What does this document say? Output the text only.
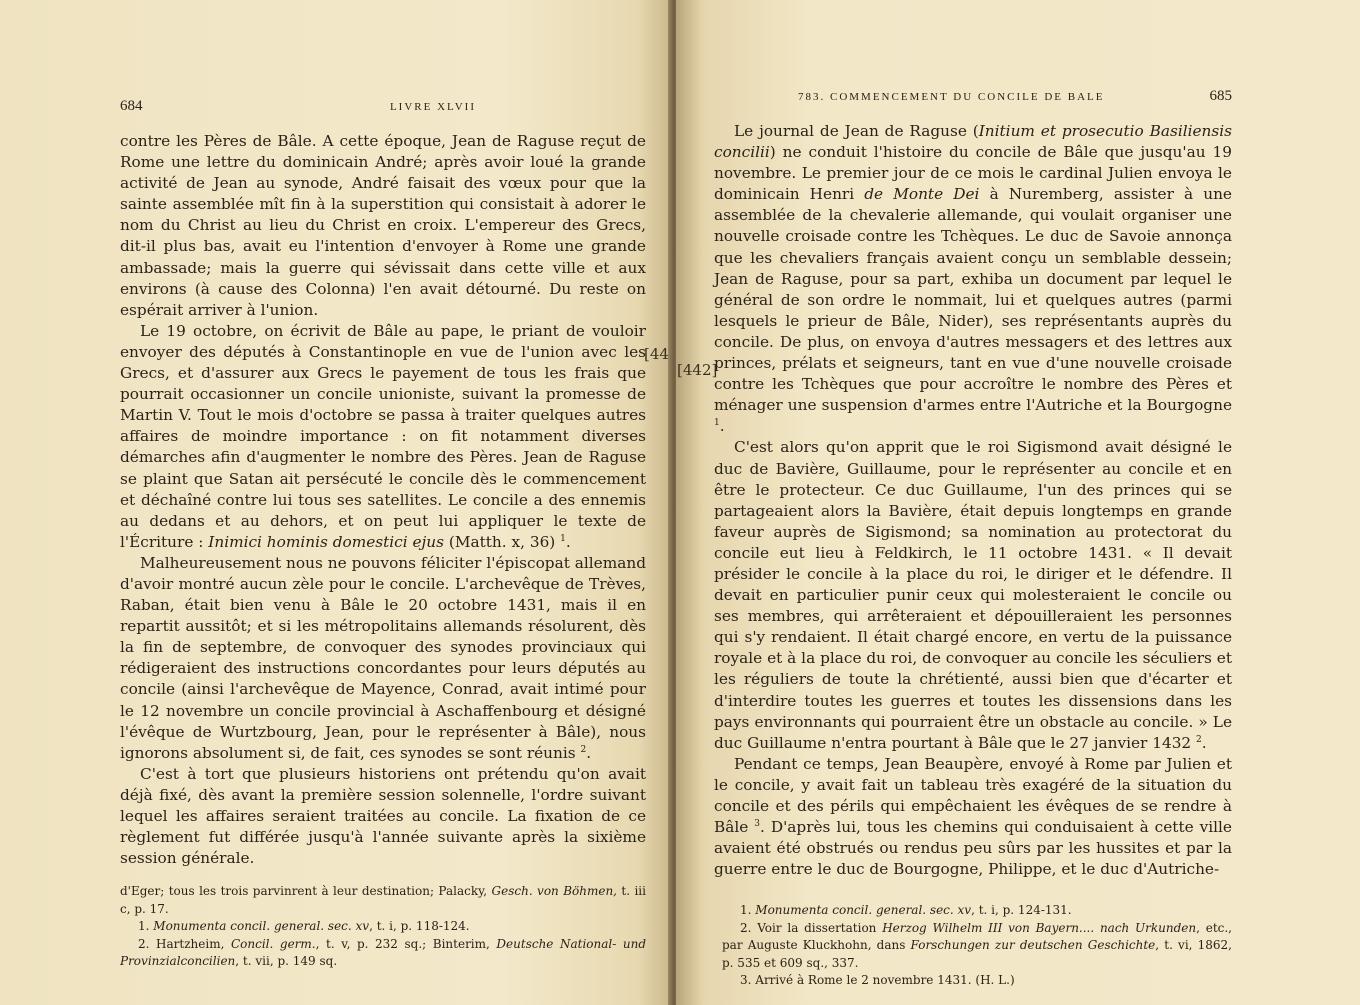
684	LIVRE XLVII

contre les Pères de Bâle. A cette époque, Jean de Raguse reçut de Rome une lettre du dominicain André; après avoir loué la grande activité de Jean au synode, André faisait des vœux pour que la sainte assemblée mît fin à la superstition qui consistait à adorer le nom du Christ au lieu du Christ en croix. L'empereur des Grecs, dit-il plus bas, avait eu l'intention d'envoyer à Rome une grande ambassade; mais la guerre qui sévissait dans cette ville et aux environs (à cause des Colonna) l'en avait détourné. Du reste on espérait arriver à l'union.

Le 19 octobre, on écrivit de Bâle au pape, le priant de vouloir envoyer des députés à Constantinople en vue de l'union avec les Grecs, et d'assurer aux Grecs le payement de tous les frais que pourrait occasionner un concile unioniste, suivant la promesse de Martin V. Tout le mois d'octobre se passa à traiter quelques autres affaires de moindre importance : on fit notamment diverses démarches afin d'augmenter le nombre des Pères. Jean de Raguse se plaint que Satan ait persécuté le concile dès le commencement et déchaîné contre lui tous ses satellites. Le concile a des ennemis au dedans et au dehors, et on peut lui appliquer le texte de l'Écriture : Inimici hominis domestici ejus (Matth. x, 36) $^1$.

Malheureusement nous ne pouvons féliciter l'épiscopat allemand d'avoir montré aucun zèle pour le concile. L'archevêque de Trèves, Raban, était bien venu à Bâle le 20 octobre 1431, mais il en repartit aussitôt; et si les métropolitains allemands résolurent, dès la fin de septembre, de convoquer des synodes provinciaux qui rédigeraient des instructions concordantes pour leurs députés au concile (ainsi l'archevêque de Mayence, Conrad, avait intimé pour le 12 novembre un concile provincial à Aschaffenbourg et désigné l'évêque de Wurtzbourg, Jean, pour le représenter à Bâle), nous ignorons absolument si, de fait, ces synodes se sont réunis $^2$.

C'est à tort que plusieurs historiens ont prétendu qu'on avait déjà fixé, dès avant la première session solennelle, l'ordre suivant lequel les affaires seraient traitées au concile. La fixation de ce règlement fut différée jusqu'à l'année suivante après la sixième session générale.

d'Eger; tous les trois parvinrent à leur destination; Palacky, Gesch. von Böhmen, t. iii c, p. 17.

1. Monumenta concil. general. sec. xv, t. i, p. 118-124.

2. Hartzheim, Concil. germ., t. v, p. 232 sq.; Binterim, Deutsche National- und Provinzialconcilien, t. vii, p. 149 sq.

783. COMMENCEMENT DU CONCILE DE BALE	685

Le journal de Jean de Raguse (Initium et prosecutio Basiliensis concilii) ne conduit l'histoire du concile de Bâle que jusqu'au 19 novembre. Le premier jour de ce mois le cardinal Julien envoya le dominicain Henri de Monte Dei à Nuremberg, assister à une assemblée de la chevalerie allemande, qui voulait organiser une nouvelle croisade contre les Tchèques. Le duc de Savoie annonça que les chevaliers français avaient conçu un semblable dessein; Jean de Raguse, pour sa part, exhiba un document par lequel le général de son ordre le nommait, lui et quelques autres (parmi lesquels le prieur de Bâle, Nider), ses représentants auprès du concile. De plus, on envoya d'autres messagers et des lettres aux princes, prélats et seigneurs, tant en vue d'une nouvelle croisade contre les Tchèques que pour accroître le nombre des Pères et ménager une suspension d'armes entre l'Autriche et la Bourgogne $^1$.

C'est alors qu'on apprit que le roi Sigismond avait désigné le duc de Bavière, Guillaume, pour le représenter au concile et en être le protecteur. Ce duc Guillaume, l'un des princes qui se partageaient alors la Bavière, était depuis longtemps en grande faveur auprès de Sigismond; sa nomination au protectorat du concile eut lieu à Feldkirch, le 11 octobre 1431. « Il devait présider le concile à la place du roi, le diriger et le défendre. Il devait en particulier punir ceux qui molesteraient le concile ou ses membres, qui arrêteraient et dépouilleraient les personnes qui s'y rendaient. Il était chargé encore, en vertu de la puissance royale et à la place du roi, de convoquer au concile les séculiers et les réguliers de toute la chrétienté, aussi bien que d'écarter et d'interdire toutes les guerres et toutes les dissensions dans les pays environnants qui pourraient être un obstacle au concile. » Le duc Guillaume n'entra pourtant à Bâle que le 27 janvier 1432 $^2$.

Pendant ce temps, Jean Beaupère, envoyé à Rome par Julien et le concile, y avait fait un tableau très exagéré de la situation du concile et des périls qui empêchaient les évêques de se rendre à Bâle $^3$. D'après lui, tous les chemins qui conduisaient à cette ville avaient été obstrués ou rendus peu sûrs par les hussites et par la guerre entre le duc de Bourgogne, Philippe, et le duc d'Autriche-

1. Monumenta concil. general. sec. xv, t. i, p. 124-131.

2. Voir la dissertation Herzog Wilhelm III von Bayern.... nach Urkunden, etc., par Auguste Kluckhohn, dans Forschungen zur deutschen Geschichte, t. vi, 1862, p. 535 et 609 sq., 337.

3. Arrivé à Rome le 2 novembre 1431. (H. L.)

[44
[442]
